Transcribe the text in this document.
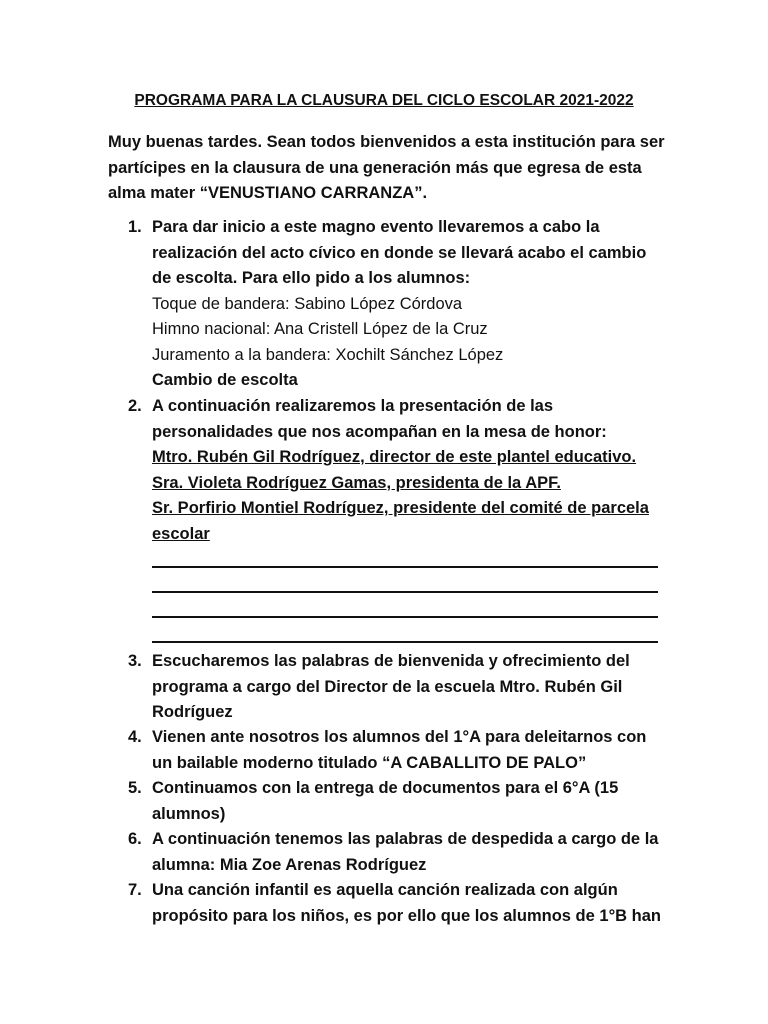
PROGRAMA PARA LA CLAUSURA DEL CICLO ESCOLAR 2021-2022
Muy buenas tardes. Sean todos bienvenidos a esta institución para ser
partícipes en la clausura de una generación más que egresa de esta
alma mater “VENUSTIANO CARRANZA”.
1. Para dar inicio a este magno evento llevaremos a cabo la
realización del acto cívico en donde se llevará acabo el cambio
de escolta. Para ello pido a los alumnos:
Toque de bandera: Sabino López Córdova
Himno nacional: Ana Cristell López de la Cruz
Juramento a la bandera: Xochilt Sánchez López
Cambio de escolta
2. A continuación realizaremos la presentación de las
personalidades que nos acompañan en la mesa de honor:
Mtro. Rubén Gil Rodríguez, director de este plantel educativo.
Sra. Violeta Rodríguez Gamas, presidenta de la APF.
Sr. Porfirio Montiel Rodríguez, presidente del comité de parcela
escolar
3. Escucharemos las palabras de bienvenida y ofrecimiento del
programa a cargo del Director de la escuela Mtro. Rubén Gil
Rodríguez
4. Vienen ante nosotros los alumnos del 1°A para deleitarnos con
un bailable moderno titulado “A CABALLITO DE PALO”
5. Continuamos con la entrega de documentos para el 6°A (15
alumnos)
6. A continuación tenemos las palabras de despedida a cargo de la
alumna: Mia Zoe Arenas Rodríguez
7. Una canción infantil es aquella canción realizada con algún
propósito para los niños, es por ello que los alumnos de 1°B han
